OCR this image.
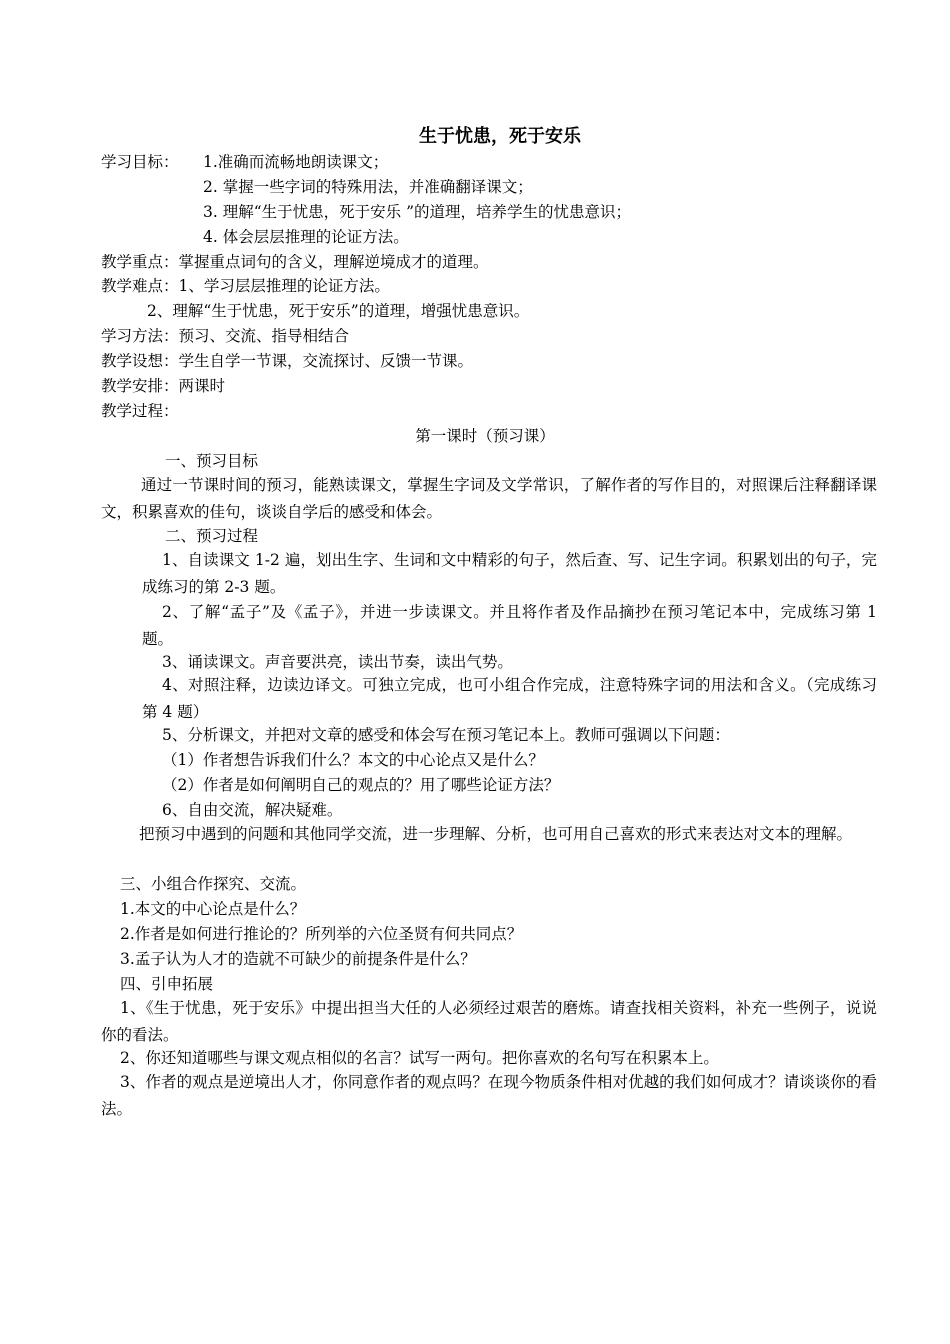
生于忧患，死于安乐
学习目标： 1.准确而流畅地朗读课文；
2. 掌握一些字词的特殊用法，并准确翻译课文；
3. 理解“生于忧患，死于安乐 ”的道理，培养学生的忧患意识；
4. 体会层层推理的论证方法。
教学重点：掌握重点词句的含义，理解逆境成才的道理。
教学难点：1、学习层层推理的论证方法。
2、理解“生于忧患，死于安乐”的道理，增强忧患意识。
学习方法：预习、交流、指导相结合
教学设想：学生自学一节课，交流探讨、反馈一节课。
教学安排：两课时
教学过程：
第一课时（预习课）
一、预习目标
通过一节课时间的预习，能熟读课文，掌握生字词及文学常识，了解作者的写作目的，对照课后注释翻译课文，积累喜欢的佳句，谈谈自学后的感受和体会。
二、预习过程
1、自读课文 1-2 遍，划出生字、生词和文中精彩的句子，然后查、写、记生字词。积累划出的句子，完成练习的第 2-3 题。
2、了解“孟子”及《孟子》，并进一步读课文。并且将作者及作品摘抄在预习笔记本中，完成练习第 1 题。
3、诵读课文。声音要洪亮，读出节奏，读出气势。
4、对照注释，边读边译文。可独立完成，也可小组合作完成，注意特殊字词的用法和含义。（完成练习第 4 题）
5、分析课文，并把对文章的感受和体会写在预习笔记本上。教师可强调以下问题：
（1）作者想告诉我们什么？本文的中心论点又是什么？
（2）作者是如何阐明自己的观点的？用了哪些论证方法？
6、自由交流，解决疑难。
把预习中遇到的问题和其他同学交流，进一步理解、分析，也可用自己喜欢的形式来表达对文本的理解。
三、小组合作探究、交流。
1.本文的中心论点是什么？
2.作者是如何进行推论的？所列举的六位圣贤有何共同点？
3.孟子认为人才的造就不可缺少的前提条件是什么？
四、引申拓展
1、《生于忧患，死于安乐》中提出担当大任的人必须经过艰苦的磨炼。请查找相关资料，补充一些例子，说说你的看法。
2、你还知道哪些与课文观点相似的名言？试写一两句。把你喜欢的名句写在积累本上。
3、作者的观点是逆境出人才，你同意作者的观点吗？在现今物质条件相对优越的我们如何成才？请谈谈你的看法。
